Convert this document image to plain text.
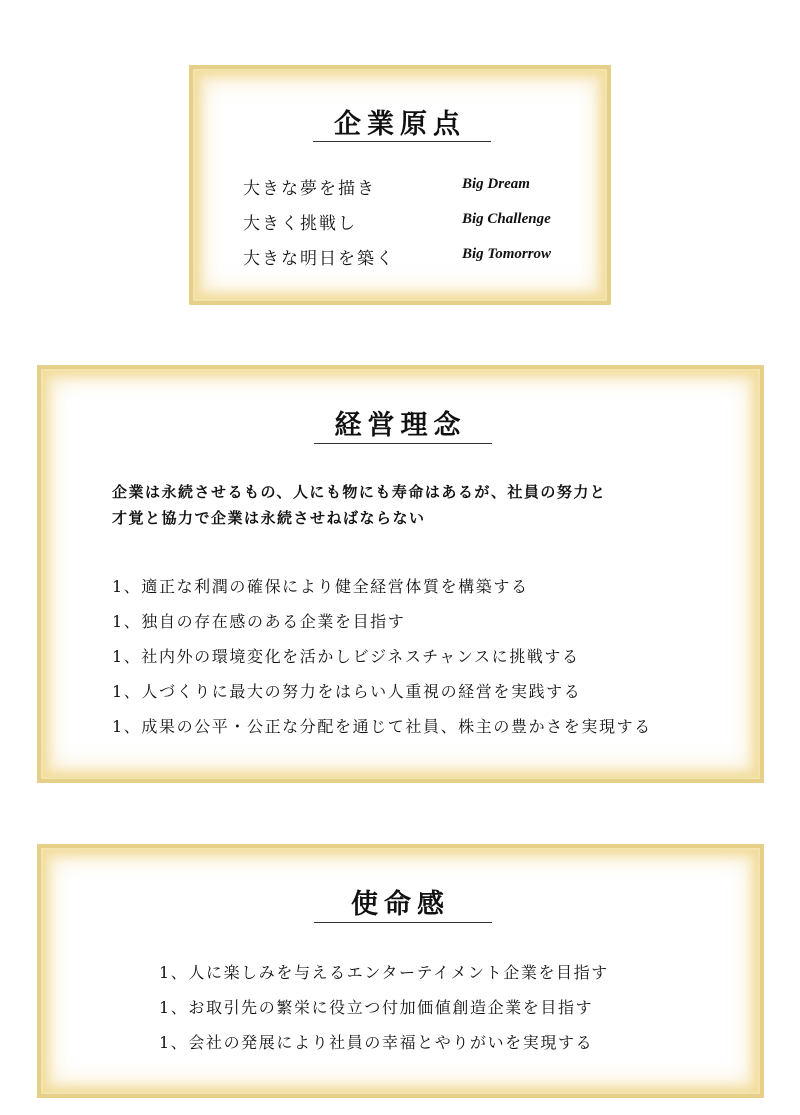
企業原点
大きな夢を描き	Big Dream
大きく挑戦し	Big Challenge
大きな明日を築く	Big Tomorrow
経営理念
企業は永続させるもの、人にも物にも寿命はあるが、社員の努力と
才覚と協力で企業は永続させねばならない
1、適正な利潤の確保により健全経営体質を構築する
1、独自の存在感のある企業を目指す
1、社内外の環境変化を活かしビジネスチャンスに挑戦する
1、人づくりに最大の努力をはらい人重視の経営を実践する
1、成果の公平・公正な分配を通じて社員、株主の豊かさを実現する
使命感
1、人に楽しみを与えるエンターテイメント企業を目指す
1、お取引先の繁栄に役立つ付加価値創造企業を目指す
1、会社の発展により社員の幸福とやりがいを実現する
